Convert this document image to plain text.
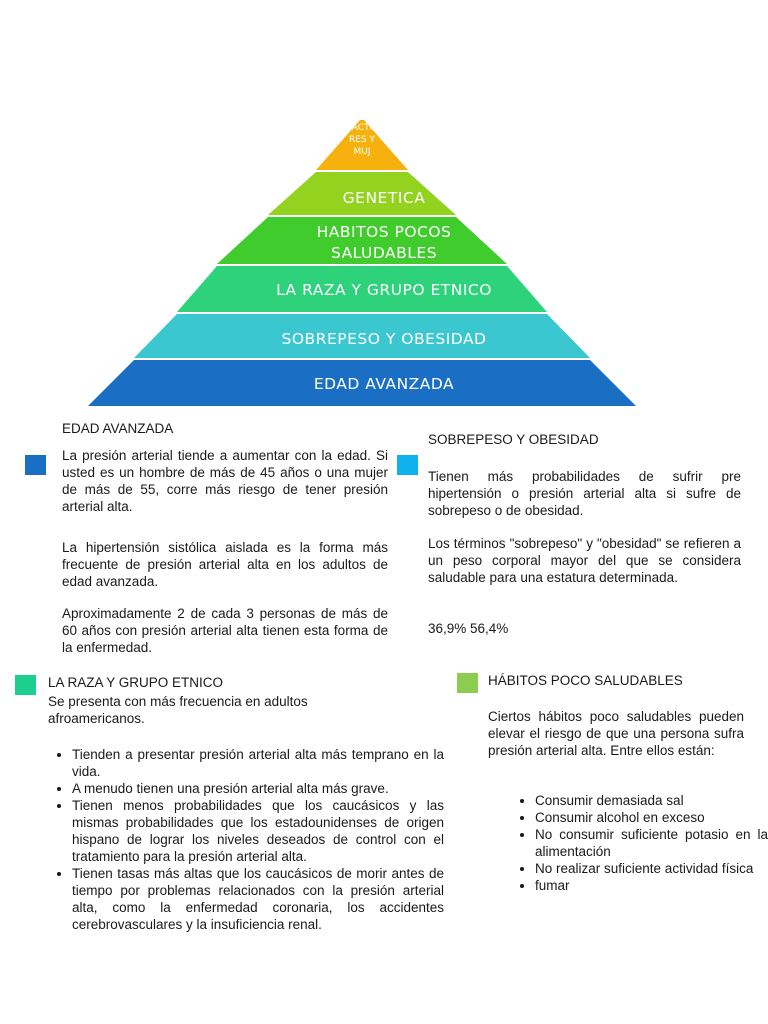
FACTO RES Y MUJ
GENETICA
HABITOS POCOS
SALUDABLES
LA RAZA Y GRUPO ETNICO
SOBREPESO Y OBESIDAD
EDAD AVANZADA
EDAD AVANZADA

La presión arterial tiende a aumentar con la edad. Si usted es un hombre de más de 45 años o una mujer de más de 55, corre más riesgo de tener presión arterial alta.

La hipertensión sistólica aislada es la forma más frecuente de presión arterial alta en los adultos de edad avanzada.

Aproximadamente 2 de cada 3 personas de más de 60 años con presión arterial alta tienen esta forma de la enfermedad.

SOBREPESO Y OBESIDAD

Tienen más probabilidades de sufrir pre hipertensión o presión arterial alta si sufre de sobrepeso o de obesidad.

Los términos "sobrepeso" y "obesidad" se refieren a un peso corporal mayor del que se considera saludable para una estatura determinada.

36,9% 56,4%

LA RAZA Y GRUPO ETNICO

Se presenta con más frecuencia en adultos afroamericanos.

• Tienden a presentar presión arterial alta más temprano en la vida.
• A menudo tienen una presión arterial alta más grave.
• Tienen menos probabilidades que los caucásicos y las mismas probabilidades que los estadounidenses de origen hispano de lograr los niveles deseados de control con el tratamiento para la presión arterial alta.
• Tienen tasas más altas que los caucásicos de morir antes de tiempo por problemas relacionados con la presión arterial alta, como la enfermedad coronaria, los accidentes cerebrovasculares y la insuficiencia renal.
HÁBITOS POCO SALUDABLES

Ciertos hábitos poco saludables pueden elevar el riesgo de que una persona sufra presión arterial alta. Entre ellos están:

• Consumir demasiada sal
• Consumir alcohol en exceso
• No consumir suficiente potasio en la alimentación
• No realizar suficiente actividad física
• fumar
